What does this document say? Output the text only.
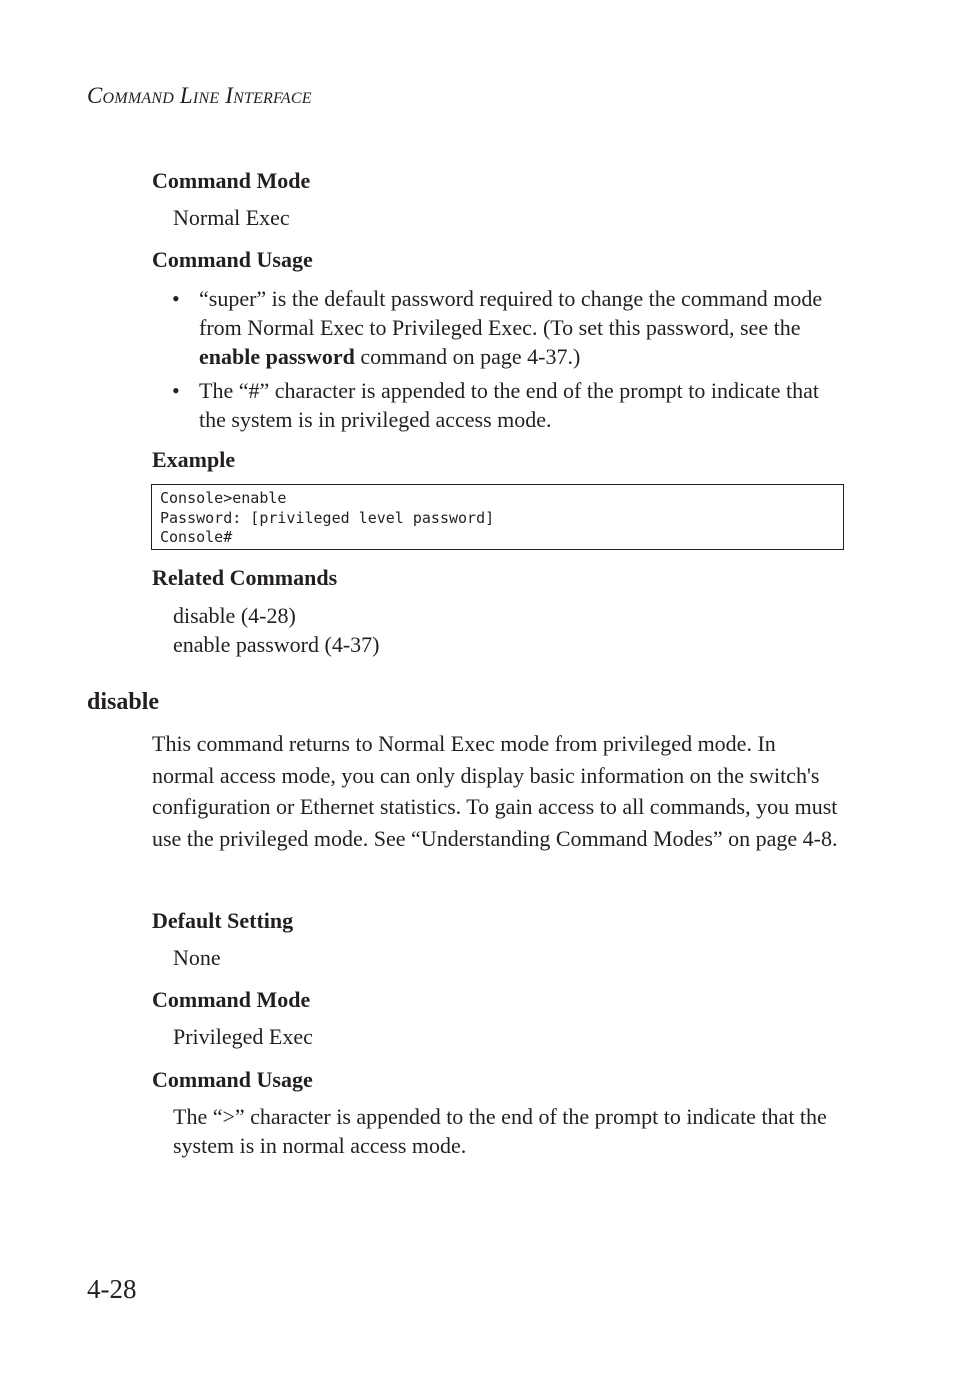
COMMAND LINE INTERFACE
Command Mode
Normal Exec
Command Usage
• “super” is the default password required to change the command mode from Normal Exec to Privileged Exec. (To set this password, see the enable password command on page 4-37.)
• The “#” character is appended to the end of the prompt to indicate that the system is in privileged access mode.
Example
Console>enable
Password: [privileged level password]
Console#
Related Commands
disable (4-28)
enable password (4-37)
disable
This command returns to Normal Exec mode from privileged mode. In normal access mode, you can only display basic information on the switch's configuration or Ethernet statistics. To gain access to all commands, you must use the privileged mode. See “Understanding Command Modes” on page 4-8.
Default Setting
None
Command Mode
Privileged Exec
Command Usage
The “>” character is appended to the end of the prompt to indicate that the system is in normal access mode.
4-28
